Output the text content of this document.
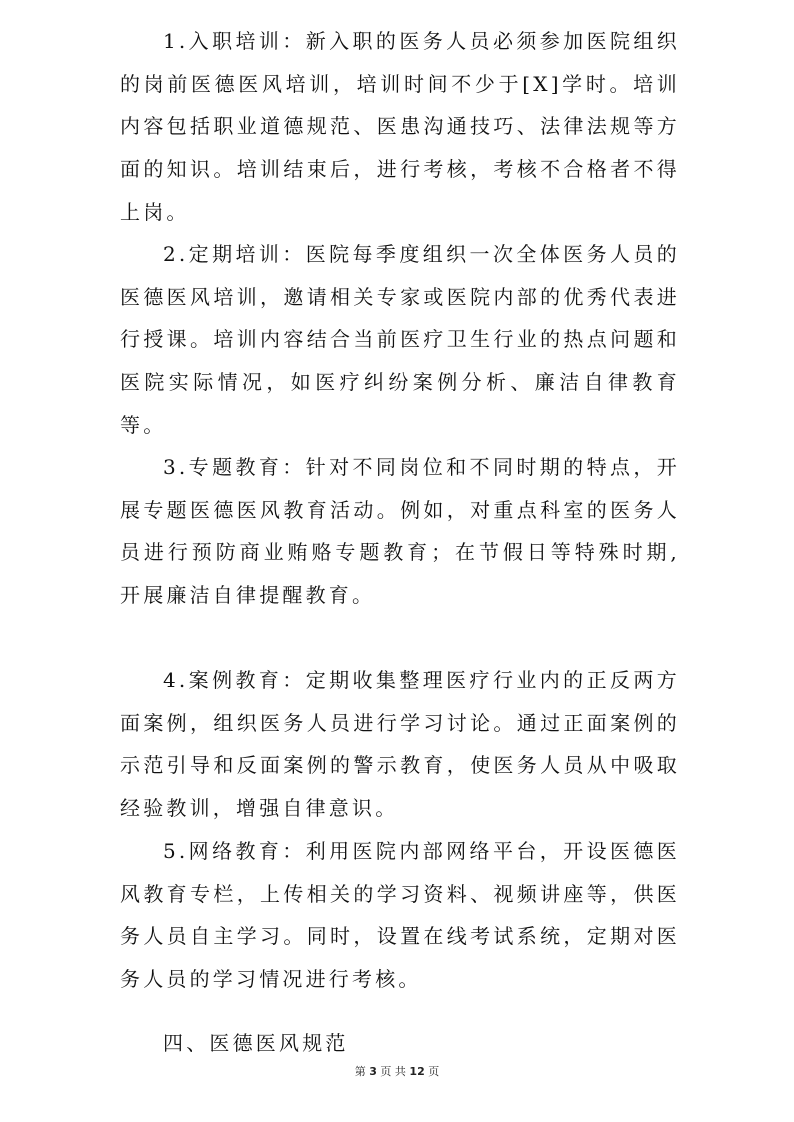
1.入职培训：新入职的医务人员必须参加医院组织的岗前医德医风培训，培训时间不少于[X]学时。培训内容包括职业道德规范、医患沟通技巧、法律法规等方面的知识。培训结束后，进行考核，考核不合格者不得上岗。

2.定期培训：医院每季度组织一次全体医务人员的医德医风培训，邀请相关专家或医院内部的优秀代表进行授课。培训内容结合当前医疗卫生行业的热点问题和医院实际情况，如医疗纠纷案例分析、廉洁自律教育等。

3.专题教育：针对不同岗位和不同时期的特点，开展专题医德医风教育活动。例如，对重点科室的医务人员进行预防商业贿赂专题教育；在节假日等特殊时期,开展廉洁自律提醒教育。

4.案例教育：定期收集整理医疗行业内的正反两方面案例，组织医务人员进行学习讨论。通过正面案例的示范引导和反面案例的警示教育，使医务人员从中吸取经验教训，增强自律意识。

5.网络教育：利用医院内部网络平台，开设医德医风教育专栏，上传相关的学习资料、视频讲座等，供医务人员自主学习。同时，设置在线考试系统，定期对医务人员的学习情况进行考核。

四、医德医风规范

第 3 页 共 12 页
